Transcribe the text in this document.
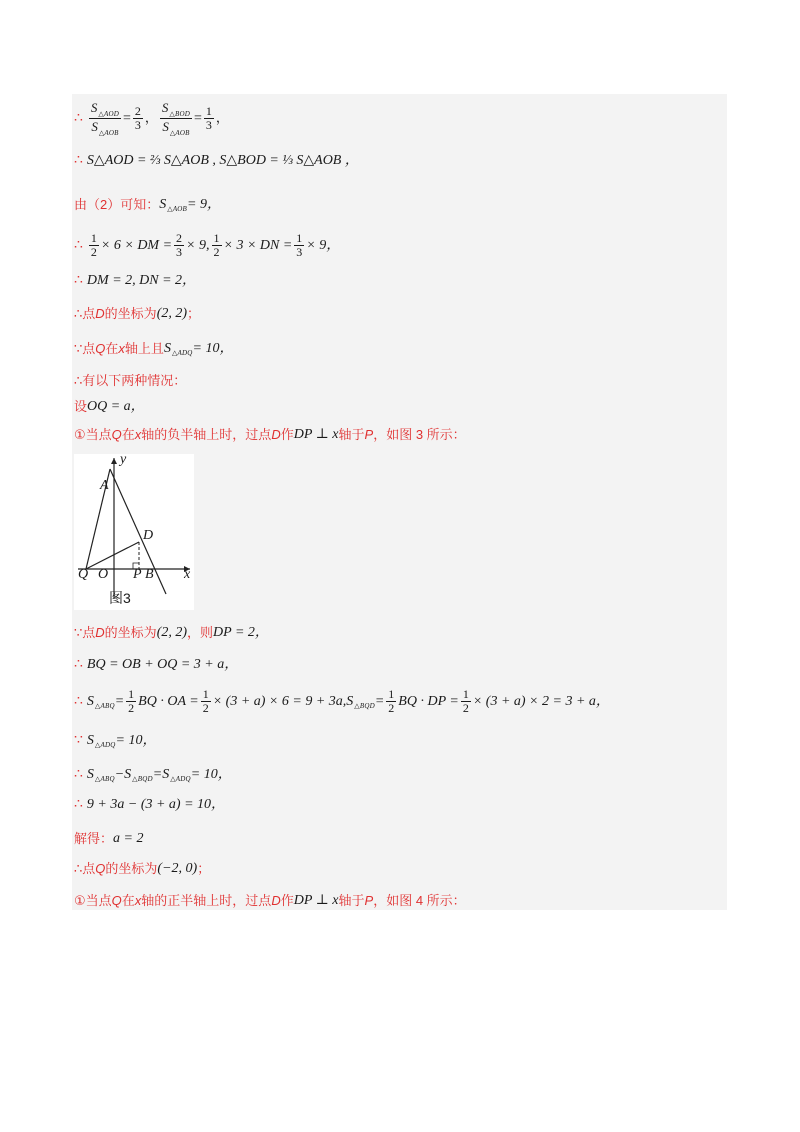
∴ $\frac{S_{\triangle AOD}}{S_{\triangle AOB}} = \frac{2}{3}$ ， $\frac{S_{\triangle BOD}}{S_{\triangle AOB}} = \frac{1}{3}$ ，
∴ S△AOD = ⅔ S△AOB , S△BOD = ⅓ S△AOB ，
由（2）可知： S △AOB = 9，
∴ $\frac{1}{2} \times 6$ × DM = $\frac{2}{3} \times 9$, $\frac{1}{2} \times 3$ × DN = $\frac{1}{3} \times 9$，
∴ DM = 2, DN = 2，
∴点 D 的坐标为 (2, 2) ；
∵点 Q 在 x 轴上且 S △ADQ = 10，
∴有以下两种情况：
设 OQ = a，
①当点 Q 在 x 轴的负半轴上时，过点 D 作 DP ⊥ x 轴于 P ，如图 3 所示：
y
A
D
Q O P B x
图3
∵点 D 的坐标为 (2, 2) ，则 DP = 2，
∴ BQ = OB + OQ = 3 + a，
∴ S △ABQ = $\frac{1}{2}$ BQ · OA = $\frac{1}{2} \times (3 + a) \times 6 = 9 + 3a$, S △BQD = $\frac{1}{2}$ BQ · DP = $\frac{1}{2} \times (3 + a) \times 2 = 3 + a$，
∵ S △ADQ = 10，
∴ S △ABQ − S △BQD = S △ADQ = 10，
∴ 9 + 3a − (3 + a) = 10，
解得： a = 2
∴点 Q 的坐标为 (−2, 0) ；
①当点 Q 在 x 轴的正半轴上时，过点 D 作 DP ⊥ x 轴于 P ，如图 4 所示：
